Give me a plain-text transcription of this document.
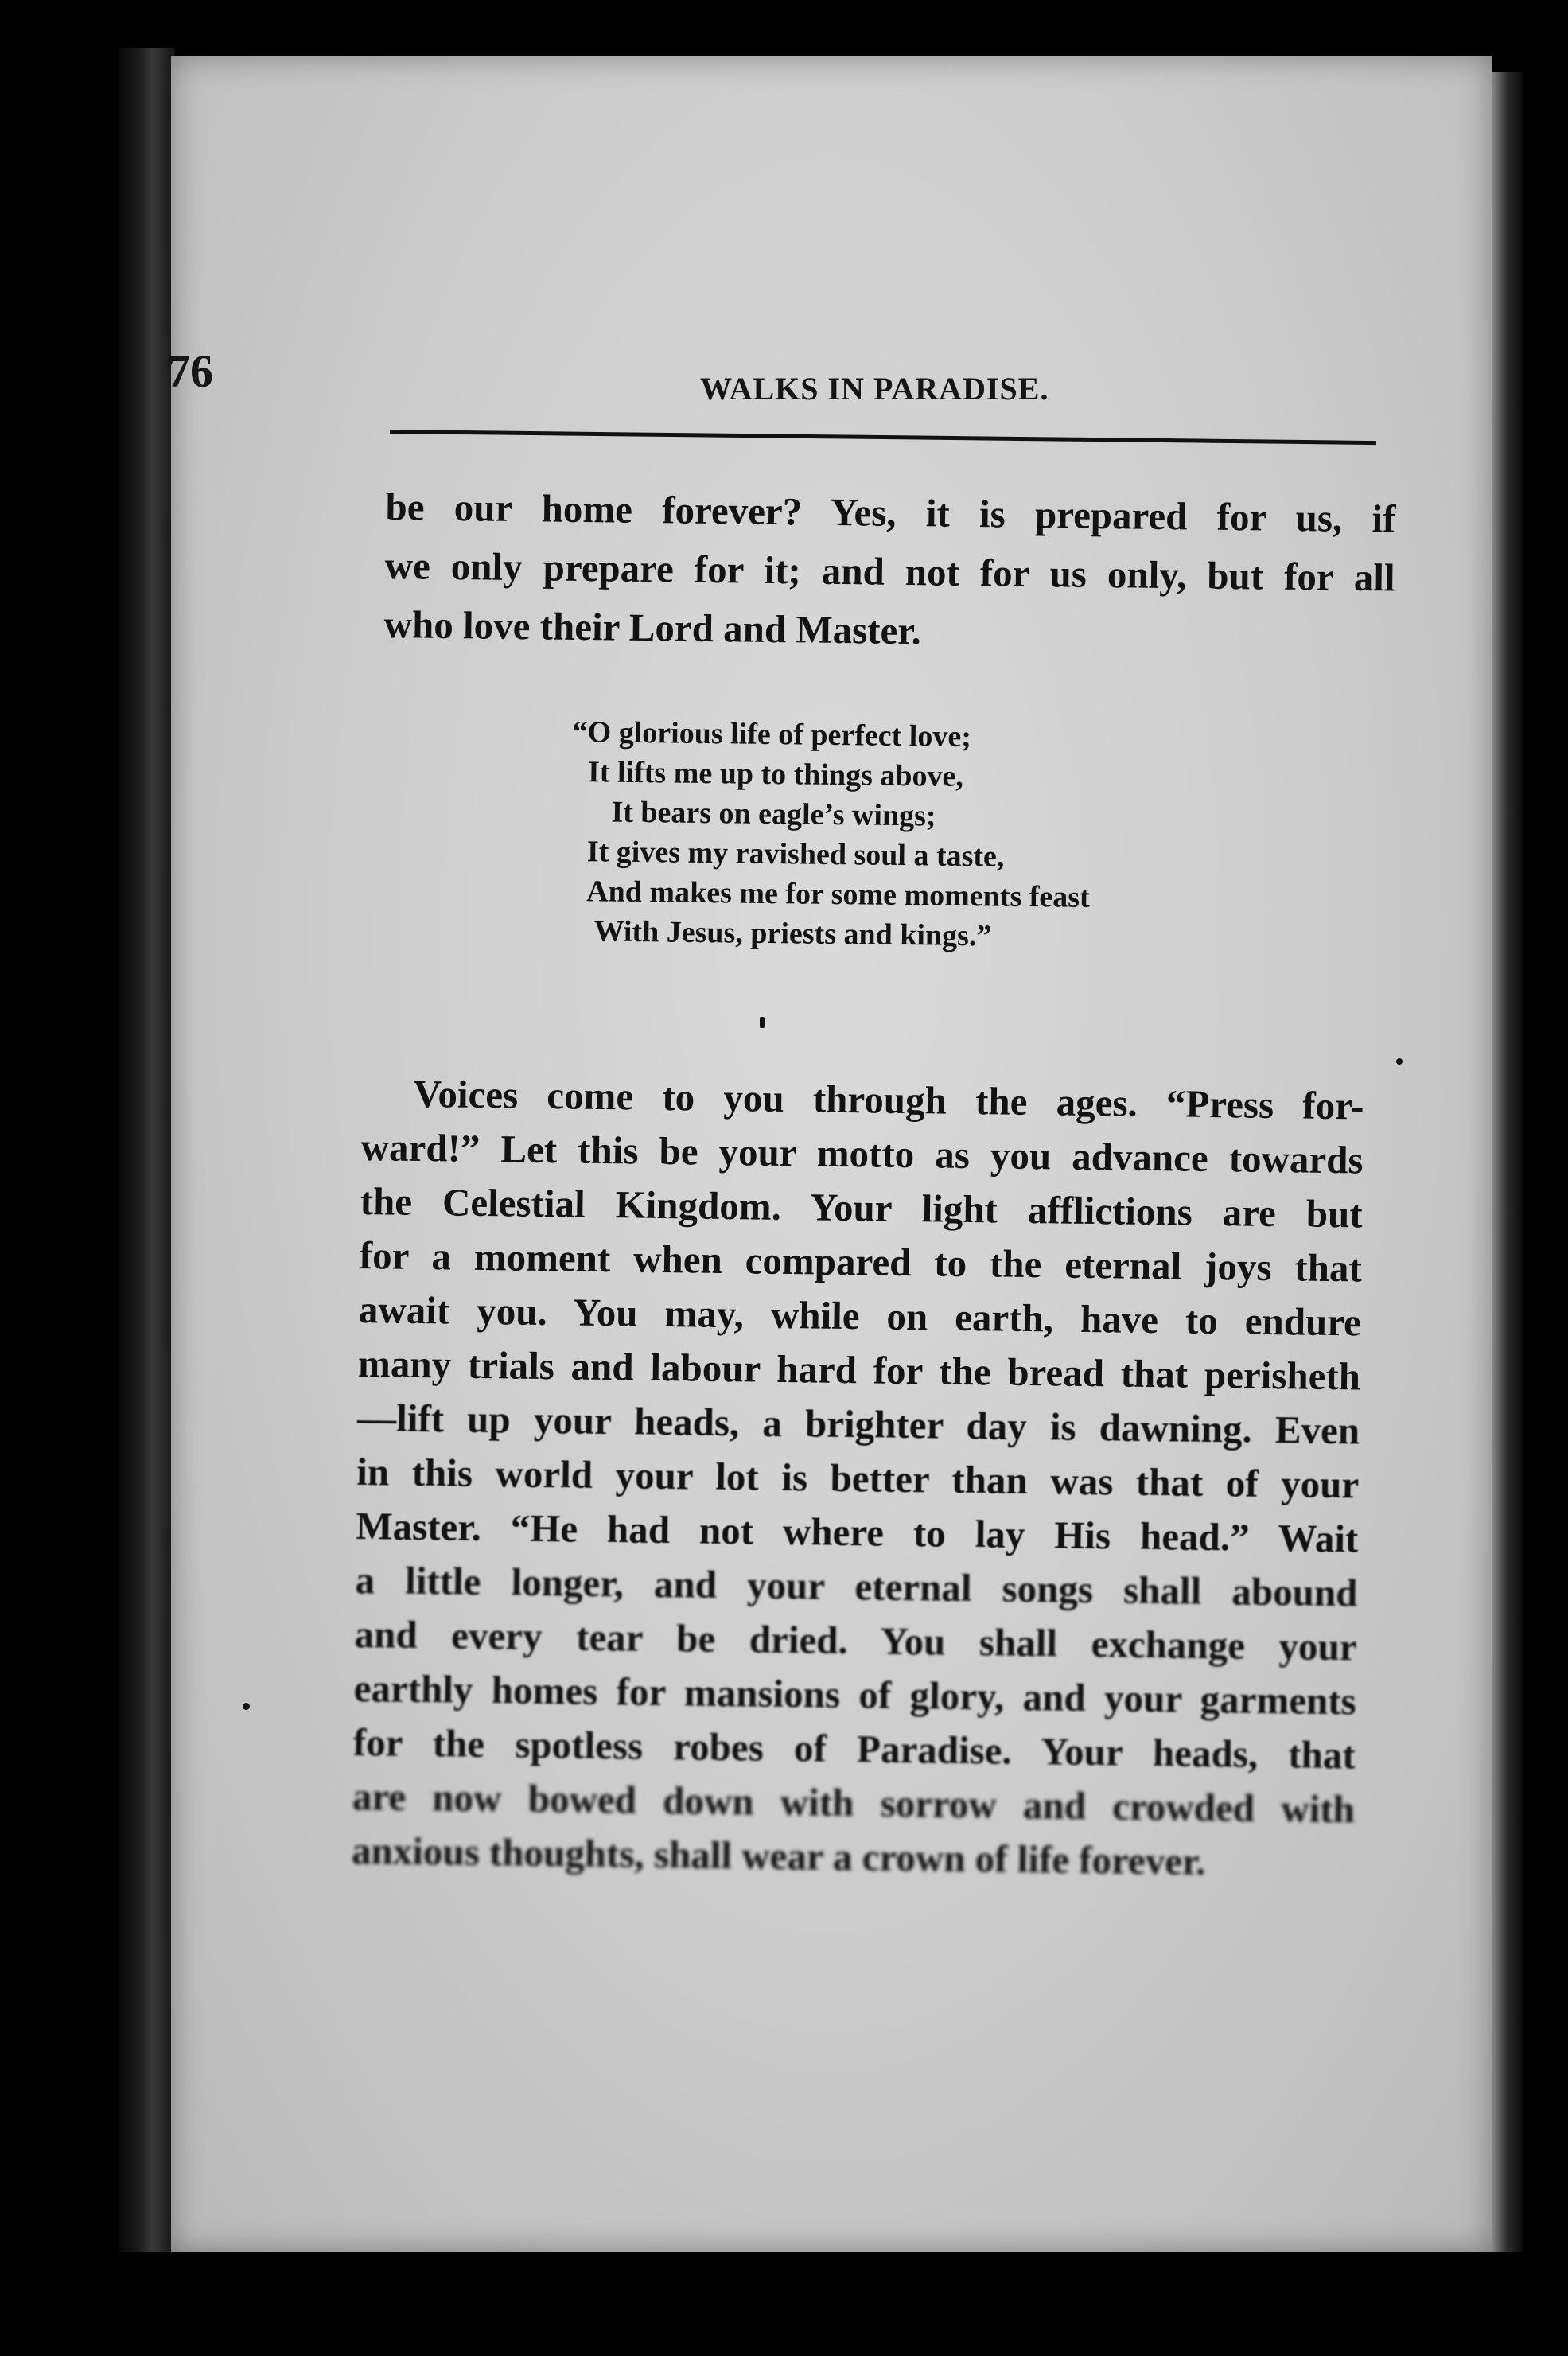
76	WALKS IN PARADISE.
be our home forever? Yes, it is prepared for us, if
we only prepare for it; and not for us only, but for all
who love their Lord and Master.
“O glorious life of perfect love;
It lifts me up to things above,
It bears on eagle’s wings;
It gives my ravished soul a taste,
And makes me for some moments feast
With Jesus, priests and kings.”
Voices come to you through the ages. “Press for-
ward!” Let this be your motto as you advance towards
the Celestial Kingdom. Your light afflictions are but
for a moment when compared to the eternal joys that
await you. You may, while on earth, have to endure
many trials and labour hard for the bread that perisheth
—lift up your heads, a brighter day is dawning. Even
in this world your lot is better than was that of your
Master. “He had not where to lay His head.” Wait
a little longer, and your eternal songs shall abound
and every tear be dried. You shall exchange your
earthly homes for mansions of glory, and your garments
for the spotless robes of Paradise. Your heads, that
are now bowed down with sorrow and crowded with
anxious thoughts, shall wear a crown of life forever.
